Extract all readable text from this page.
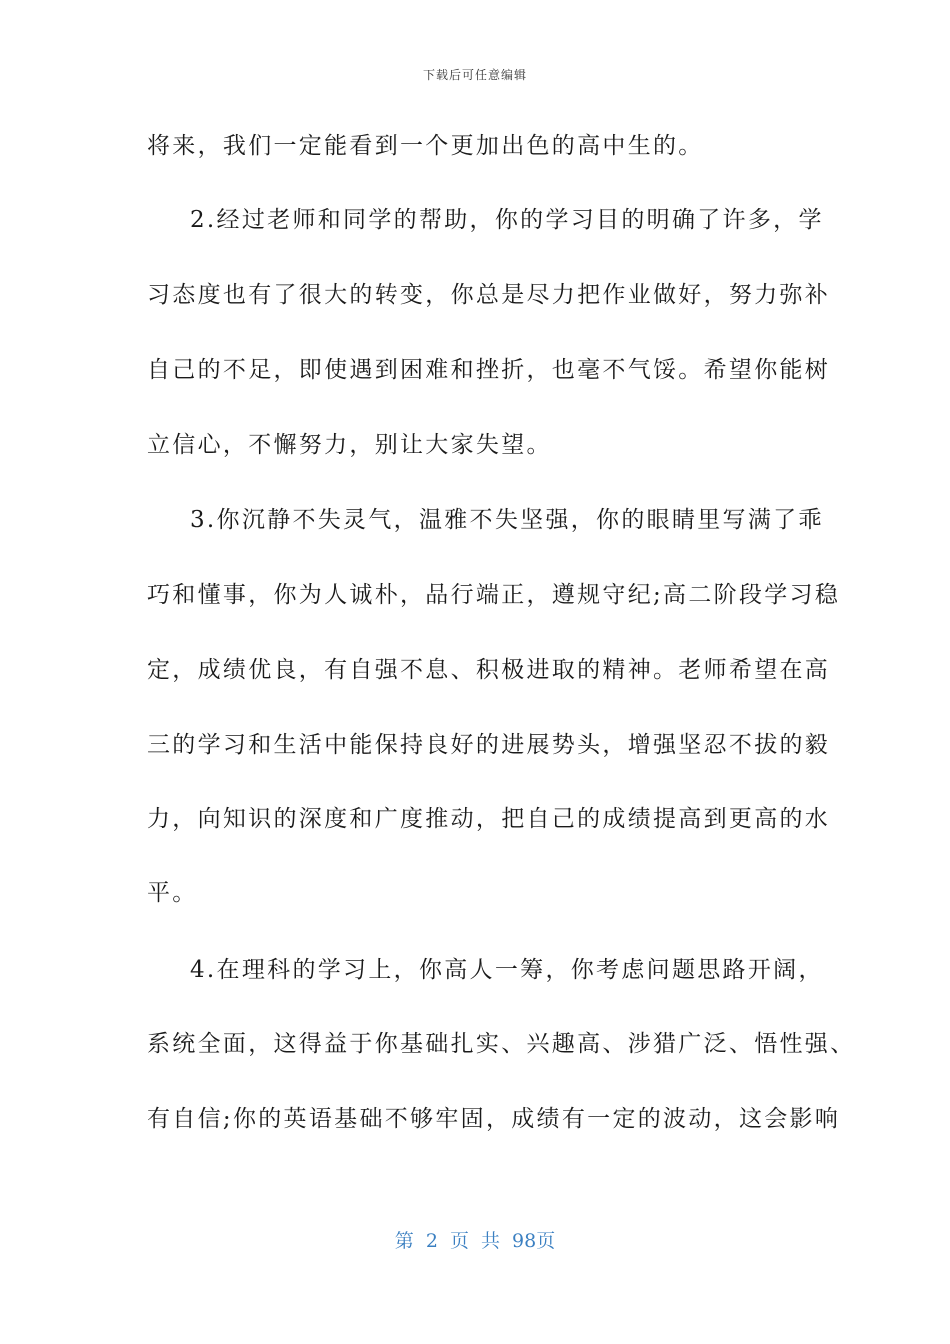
下载后可任意编辑
将来，我们一定能看到一个更加出色的高中生的。
2.经过老师和同学的帮助，你的学习目的明确了许多，学
习态度也有了很大的转变，你总是尽力把作业做好，努力弥补
自己的不足，即使遇到困难和挫折，也毫不气馁。希望你能树
立信心，不懈努力，别让大家失望。
3.你沉静不失灵气，温雅不失坚强，你的眼睛里写满了乖
巧和懂事，你为人诚朴，品行端正，遵规守纪;高二阶段学习稳
定，成绩优良，有自强不息、积极进取的精神。老师希望在高
三的学习和生活中能保持良好的进展势头，增强坚忍不拔的毅
力，向知识的深度和广度推动，把自己的成绩提高到更高的水
平。
4.在理科的学习上，你高人一筹，你考虑问题思路开阔，
系统全面，这得益于你基础扎实、兴趣高、涉猎广泛、悟性强、
有自信;你的英语基础不够牢固，成绩有一定的波动，这会影响
第 2 页 共 98页
